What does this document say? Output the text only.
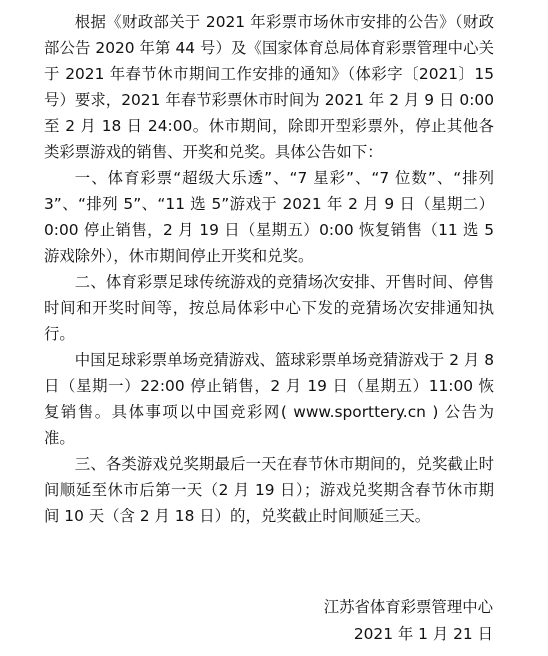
根据《财政部关于 2021 年彩票市场休市安排的公告》（财政部公告 2020 年第 44 号）及《国家体育总局体育彩票管理中心关于 2021 年春节休市期间工作安排的通知》（体彩字〔2021〕15 号）要求，2021 年春节彩票休市时间为 2021 年 2 月 9 日 0:00 至 2 月 18 日 24:00。休市期间，除即开型彩票外，停止其他各类彩票游戏的销售、开奖和兑奖。具体公告如下：

一、体育彩票“超级大乐透”、“7 星彩”、“7 位数”、“排列 3”、“排列 5”、“11 选 5”游戏于 2021 年 2 月 9 日（星期二）0:00 停止销售，2 月 19 日（星期五）0:00 恢复销售（11 选 5 游戏除外），休市期间停止开奖和兑奖。

二、体育彩票足球传统游戏的竞猜场次安排、开售时间、停售时间和开奖时间等，按总局体彩中心下发的竞猜场次安排通知执行。

中国足球彩票单场竞猜游戏、篮球彩票单场竞猜游戏于 2 月 8 日（星期一）22:00 停止销售，2 月 19 日（星期五）11:00 恢复销售。具体事项以中国竞彩网( www.sporttery.cn ) 公告为准。

三、各类游戏兑奖期最后一天在春节休市期间的，兑奖截止时间顺延至休市后第一天（2 月 19 日）；游戏兑奖期含春节休市期间 10 天（含 2 月 18 日）的，兑奖截止时间顺延三天。

江苏省体育彩票管理中心
2021 年 1 月 21 日
